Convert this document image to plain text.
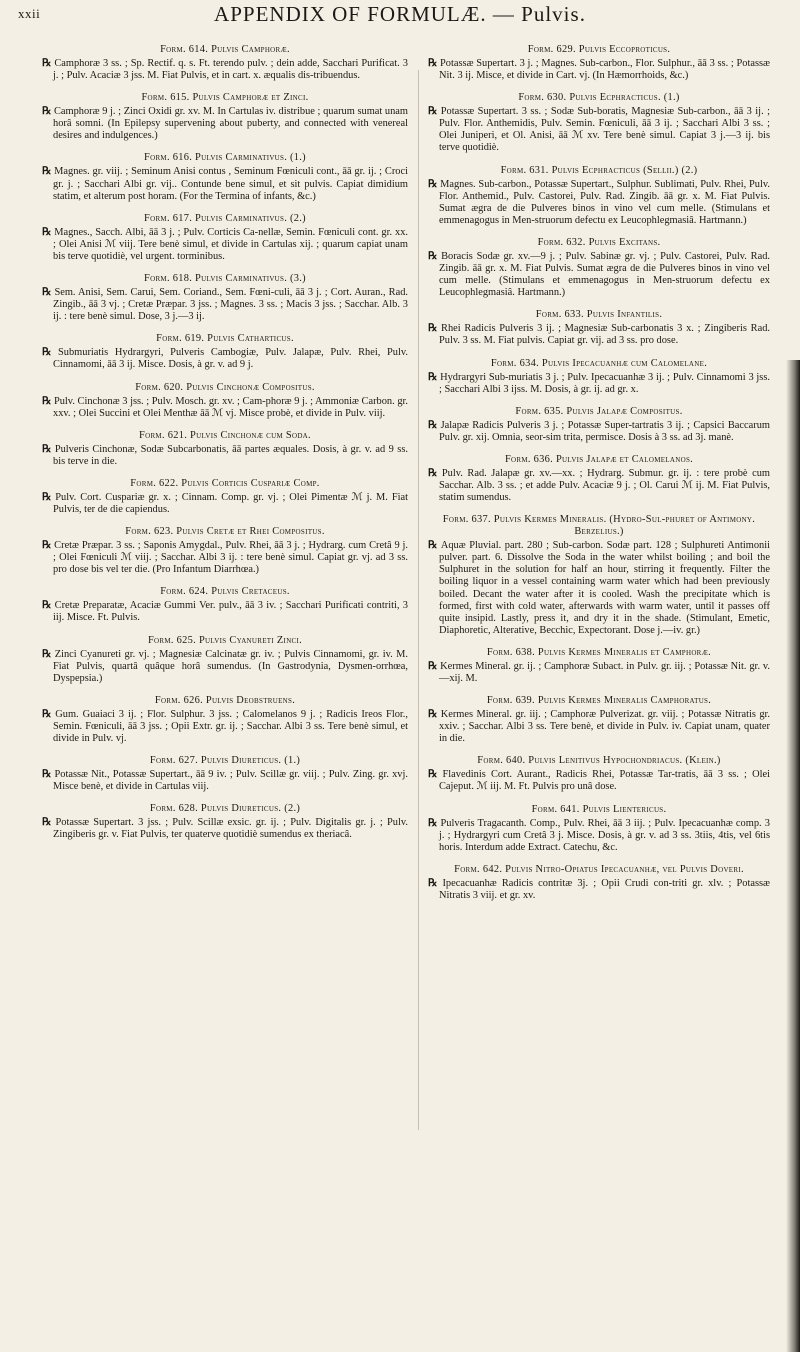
xxii	APPENDIX OF FORMULÆ. — Pulvis.
Form. 614. Pulvis Camphoræ.

℞ Camphoræ 3 ss. ; Sp. Rectif. q. s. Ft. terendo pulv. ; dein adde, Sacchari Purificat. 3 j. ; Pulv. Acaciæ 3 jss. M. Fiat Pulvis, et in cart. x. æqualis dis-tribuendus.

Form. 615. Pulvis Camphoræ et Zinci.

℞ Camphoræ 9 j. ; Zinci Oxidi gr. xv. M. In Cartulas iv. distribue ; quarum sumat unam horâ somni. (In Epilepsy supervening about puberty, and connected with venereal desires and indulgences.)

Form. 616. Pulvis Carminativus. (1.)

℞ Magnes. gr. viij. ; Seminum Anisi contus , Seminum Fœniculi cont., āā gr. ij. ; Croci gr. j. ; Sacchari Albi gr. vij.. Contunde bene simul, et sit pulvis. Capiat dimidium statim, et alterum post horam. (For the Termina of infants, &c.)

Form. 617. Pulvis Carminativus. (2.)

℞ Magnes., Sacch. Albi, āā 3 j. ; Pulv. Corticis Ca-nellæ, Semin. Fœniculi cont. gr. xx. ; Olei Anisi ℳ viij. Tere benè simul, et divide in Cartulas xij. ; quarum capiat unam bis terve quotidiè, vel urgent. torminibus.

Form. 618. Pulvis Carminativus. (3.)

℞ Sem. Anisi, Sem. Carui, Sem. Coriand., Sem. Fœni-culi, āā 3 j. ; Cort. Auran., Rad. Zingib., āā 3 vj. ; Cretæ Præpar. 3 jss. ; Magnes. 3 ss. ; Macis 3 jss. ; Sacchar. Alb. 3 ij. : tere benè simul. Dose, 3 j.—3 ij.

Form. 619. Pulvis Catharticus.

℞ Submuriatis Hydrargyri, Pulveris Cambogiæ, Pulv. Jalapæ, Pulv. Rhei, Pulv. Cinnamomi, āā 3 ij. Misce. Dosis, à gr. v. ad 9 j.

Form. 620. Pulvis Cinchonæ Compositus.

℞ Pulv. Cinchonæ 3 jss. ; Pulv. Mosch. gr. xv. ; Cam-phoræ 9 j. ; Ammoniæ Carbon. gr. xxv. ; Olei Succini et Olei Menthæ āā ℳ vj. Misce probè, et divide in Pulv. viij.

Form. 621. Pulvis Cinchonæ cum Soda.

℞ Pulveris Cinchonæ, Sodæ Subcarbonatis, āā partes æquales. Dosis, à gr. v. ad 9 ss. bis terve in die.

Form. 622. Pulvis Corticis Cuspariæ Comp.

℞ Pulv. Cort. Cuspariæ gr. x. ; Cinnam. Comp. gr. vj. ; Olei Pimentæ ℳ j. M. Fiat Pulvis, ter de die capiendus.

Form. 623. Pulvis Cretæ et Rhei Compositus.

℞ Cretæ Præpar. 3 ss. ; Saponis Amygdal., Pulv. Rhei, āā 3 j. ; Hydrarg. cum Cretâ 9 j. ; Olei Fœniculi ℳ viij. ; Sacchar. Albi 3 ij. : tere benè simul. Capiat gr. vj. ad 3 ss. pro dose bis vel ter die. (Pro Infantum Diarrhœa.)

Form. 624. Pulvis Cretaceus.

℞ Cretæ Preparatæ, Acaciæ Gummi Ver. pulv., āā 3 iv. ; Sacchari Purificati contriti, 3 iij. Misce. Ft. Pulvis.

Form. 625. Pulvis Cyanureti Zinci.

℞ Zinci Cyanureti gr. vj. ; Magnesiæ Calcinatæ gr. iv. ; Pulvis Cinnamomi, gr. iv. M. Fiat Pulvis, quartâ quâque horâ sumendus. (In Gastrodynia, Dysmen-orrhœa, Dyspepsia.)

Form. 626. Pulvis Deobstruens.

℞ Gum. Guaiaci 3 ij. ; Flor. Sulphur. 3 jss. ; Calomelanos 9 j. ; Radicis Ireos Flor., Semin. Fœniculi, āā 3 jss. ; Opii Extr. gr. ij. ; Sacchar. Albi 3 ss. Tere benè simul, et divide in Pulv. vj.

Form. 627. Pulvis Diureticus. (1.)

℞ Potassæ Nit., Potassæ Supertart., āā 9 iv. ; Pulv. Scillæ gr. viij. ; Pulv. Zing. gr. xvj. Misce benè, et divide in Cartulas viij.

Form. 628. Pulvis Diureticus. (2.)

℞ Potassæ Supertart. 3 jss. ; Pulv. Scillæ exsic. gr. ij. ; Pulv. Digitalis gr. j. ; Pulv. Zingiberis gr. v. Fiat Pulvis, ter quaterve quotidiè sumendus ex theriacâ.

Form. 629. Pulvis Eccoproticus.

℞ Potassæ Supertart. 3 j. ; Magnes. Sub-carbon., Flor. Sulphur., āā 3 ss. ; Potassæ Nit. 3 ij. Misce, et divide in Cart. vj. (In Hæmorrhoids, &c.)

Form. 630. Pulvis Ecphracticus. (1.)

℞ Potassæ Supertart. 3 ss. ; Sodæ Sub-boratis, Magnesiæ Sub-carbon., āā 3 ij. ; Pulv. Flor. Anthemidis, Pulv. Semin. Fœniculi, āā 3 ij. ; Sacchari Albi 3 ss. ; Olei Juniperi, et Ol. Anisi, āā ℳ xv. Tere benè simul. Capiat 3 j.—3 ij. bis terve quotidiè.

Form. 631. Pulvis Ecphracticus (Sellii.) (2.)

℞ Magnes. Sub-carbon., Potassæ Supertart., Sulphur. Sublimati, Pulv. Rhei, Pulv. Flor. Anthemid., Pulv. Castorei, Pulv. Rad. Zingib. āā gr. x. M. Fiat Pulvis. Sumat ægra de die Pulveres binos in vino vel cum melle. (Stimulans et emmenagogus in Men-struorum defectu ex Leucophlegmasiâ. Hartmann.)

Form. 632. Pulvis Excitans.

℞ Boracis Sodæ gr. xv.—9 j. ; Pulv. Sabinæ gr. vj. ; Pulv. Castorei, Pulv. Rad. Zingib. āā gr. x. M. Fiat Pulvis. Sumat ægra de die Pulveres binos in vino vel cum melle. (Stimulans et emmenagogus in Men-struorum defectu ex Leucophlegmasiâ. Hartmann.)

Form. 633. Pulvis Infantilis.

℞ Rhei Radicis Pulveris 3 ij. ; Magnesiæ Sub-carbonatis 3 x. ; Zingiberis Rad. Pulv. 3 ss. M. Fiat pulvis. Capiat gr. vij. ad 3 ss. pro dose.

Form. 634. Pulvis Ipecacuanhæ cum Calomelane.

℞ Hydrargyri Sub-muriatis 3 j. ; Pulv. Ipecacuanhæ 3 ij. ; Pulv. Cinnamomi 3 jss. ; Sacchari Albi 3 ijss. M. Dosis, à gr. ij. ad gr. x.

Form. 635. Pulvis Jalapæ Compositus.

℞ Jalapæ Radicis Pulveris 3 j. ; Potassæ Super-tartratis 3 ij. ; Capsici Baccarum Pulv. gr. xij. Omnia, seor-sim trita, permisce. Dosis à 3 ss. ad 3j. manè.

Form. 636. Pulvis Jalapæ et Calomelanos.

℞ Pulv. Rad. Jalapæ gr. xv.—xx. ; Hydrarg. Submur. gr. ij. : tere probè cum Sacchar. Alb. 3 ss. ; et adde Pulv. Acaciæ 9 j. ; Ol. Carui ℳ ij. M. Fiat Pulvis, statim sumendus.

Form. 637. Pulvis Kermes Mineralis. (Hydro-Sul-phuret of Antimony. Berzelius.)

℞ Aquæ Pluvial. part. 280 ; Sub-carbon. Sodæ part. 128 ; Sulphureti Antimonii pulver. part. 6. Dissolve the Soda in the water whilst boiling ; and boil the Sulphuret in the solution for half an hour, stirring it frequently. Filter the boiling liquor in a vessel containing warm water which had been previously boiled. Decant the water after it is cooled. Wash the precipitate which is formed, first with cold water, afterwards with warm water, until it passes off quite insipid. Lastly, press it, and dry it in the shade. (Stimulant, Emetic, Diaphoretic, Alterative, Becchic, Expectorant. Dose j.—iv. gr.)

Form. 638. Pulvis Kermes Mineralis et Camphoræ.

℞ Kermes Mineral. gr. ij. ; Camphoræ Subact. in Pulv. gr. iij. ; Potassæ Nit. gr. v.—xij. M.

Form. 639. Pulvis Kermes Mineralis Camphoratus.

℞ Kermes Mineral. gr. iij. ; Camphoræ Pulverizat. gr. viij. ; Potassæ Nitratis gr. xxiv. ; Sacchar. Albi 3 ss. Tere benè, et divide in Pulv. iv. Capiat unam, quater in die.

Form. 640. Pulvis Lenitivus Hypochondriacus. (Klein.)

℞ Flavedinis Cort. Aurant., Radicis Rhei, Potassæ Tar-tratis, āā 3 ss. ; Olei Cajeput. ℳ iij. M. Ft. Pulvis pro unâ dose.

Form. 641. Pulvis Lientericus.

℞ Pulveris Tragacanth. Comp., Pulv. Rhei, āā 3 iij. ; Pulv. Ipecacuanhæ comp. 3 j. ; Hydrargyri cum Cretâ 3 j. Misce. Dosis, à gr. v. ad 3 ss. 3tiis, 4tis, vel 6tis horis. Interdum adde Extract. Catechu, &c.

Form. 642. Pulvis Nitro-Opiatus Ipecacuanhæ, vel Pulvis Doveri.

℞ Ipecacuanhæ Radicis contritæ 3j. ; Opii Crudi con-triti gr. xlv. ; Potassæ Nitratis 3 viij. et gr. xv.
